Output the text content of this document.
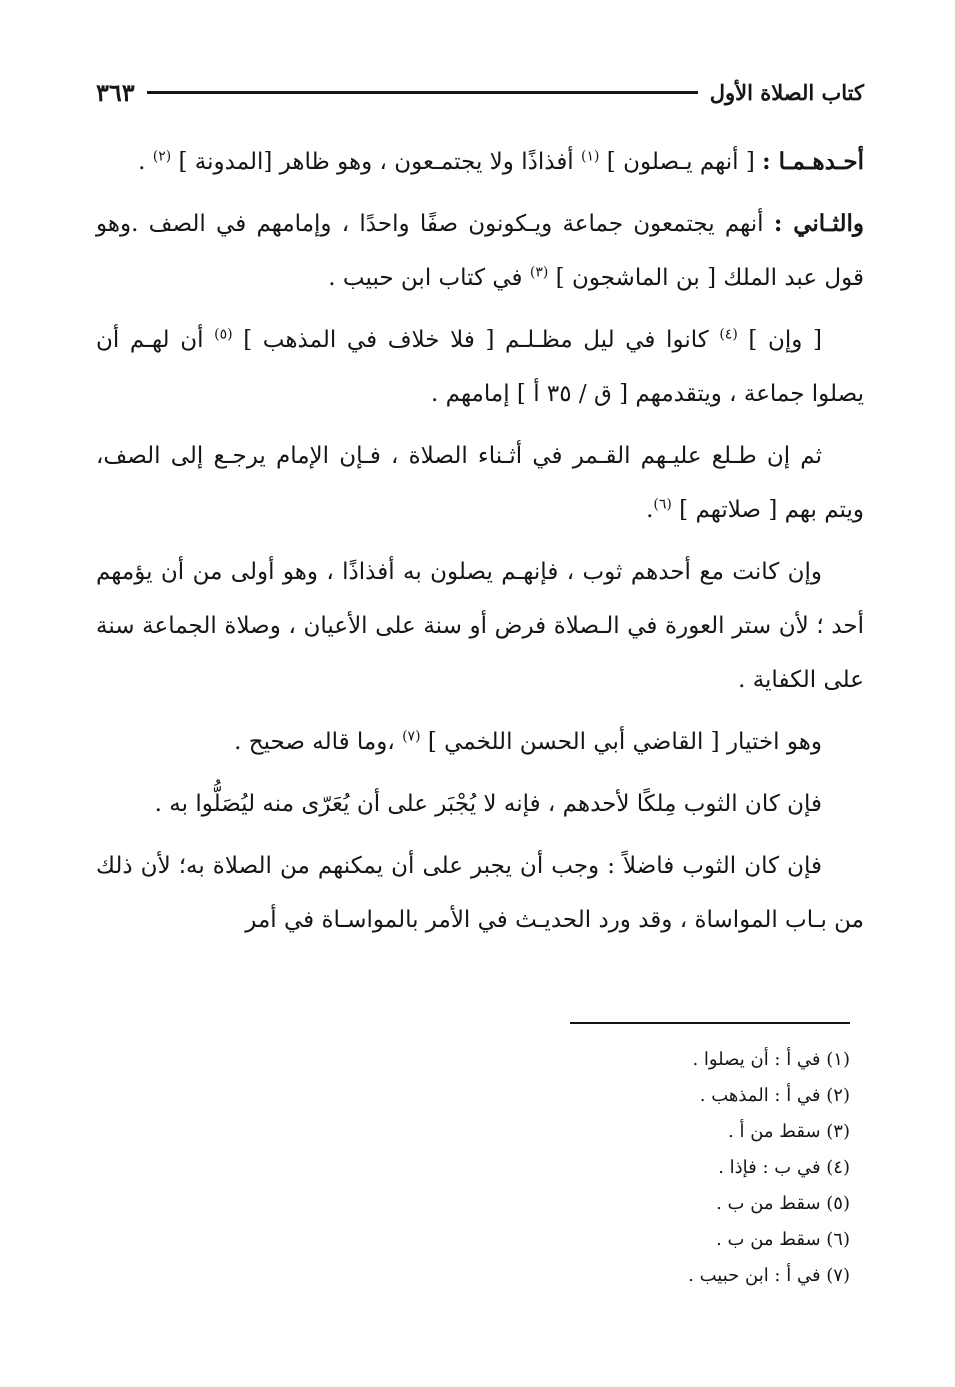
كتاب الصلاة الأول
٣٦٣

أحـدهـمـا : [ أنهم يـصلون ] $^{(١)}$ أفذاذًا ولا يجتمـعون ، وهو ظاهر [المدونة ] $^{(٢)}$ .

والثـاني : أنهم يجتمعون جماعة ويـكونون صفًا واحدًا ، وإمامهم في الصف .وهو قول عبد الملك [ بن الماشجون ] $^{(٣)}$ في كتاب ابن حبيب .

[ وإن ] $^{(٤)}$ كانوا في ليل مظـلـم [ فلا خلاف في المذهب ] $^{(٥)}$ أن لهـم أن يصلوا جماعة ، ويتقدمهم [ ق / ٣٥ أ ] إمامهم .

ثم إن طـلع عليـهم القـمر في أثـناء الصلاة ، فـإن الإمام يرجـع إلى الصف، ويتم بهم [ صلاتهم ] $^{(٦)}$.

وإن كانت مع أحدهم ثوب ، فإنهـم يصلون به أفذاذًا ، وهو أولى من أن يؤمهم أحد ؛ لأن ستر العورة في الـصلاة فرض أو سنة على الأعيان ، وصلاة الجماعة سنة على الكفاية .

وهو اختيار [ القاضي أبي الحسن اللخمي ] $^{(٧)}$ ،وما قاله صحيح .

فإن كان الثوب مِلكًا لأحدهم ، فإنه لا يُجْبَر على أن يُعَرّى منه ليُصَلُّوا به .

فإن كان الثوب فاضلاً : وجب أن يجبر على أن يمكنهم من الصلاة به؛ لأن ذلك من بـاب المواساة ، وقد ورد الحديـث في الأمر بالمواسـاة في أمر

(١) في أ : أن يصلوا .
(٢) في أ : المذهب .
(٣) سقط من أ .
(٤) في ب : فإذا .
(٥) سقط من ب .
(٦) سقط من ب .
(٧) في أ : ابن حبيب .
